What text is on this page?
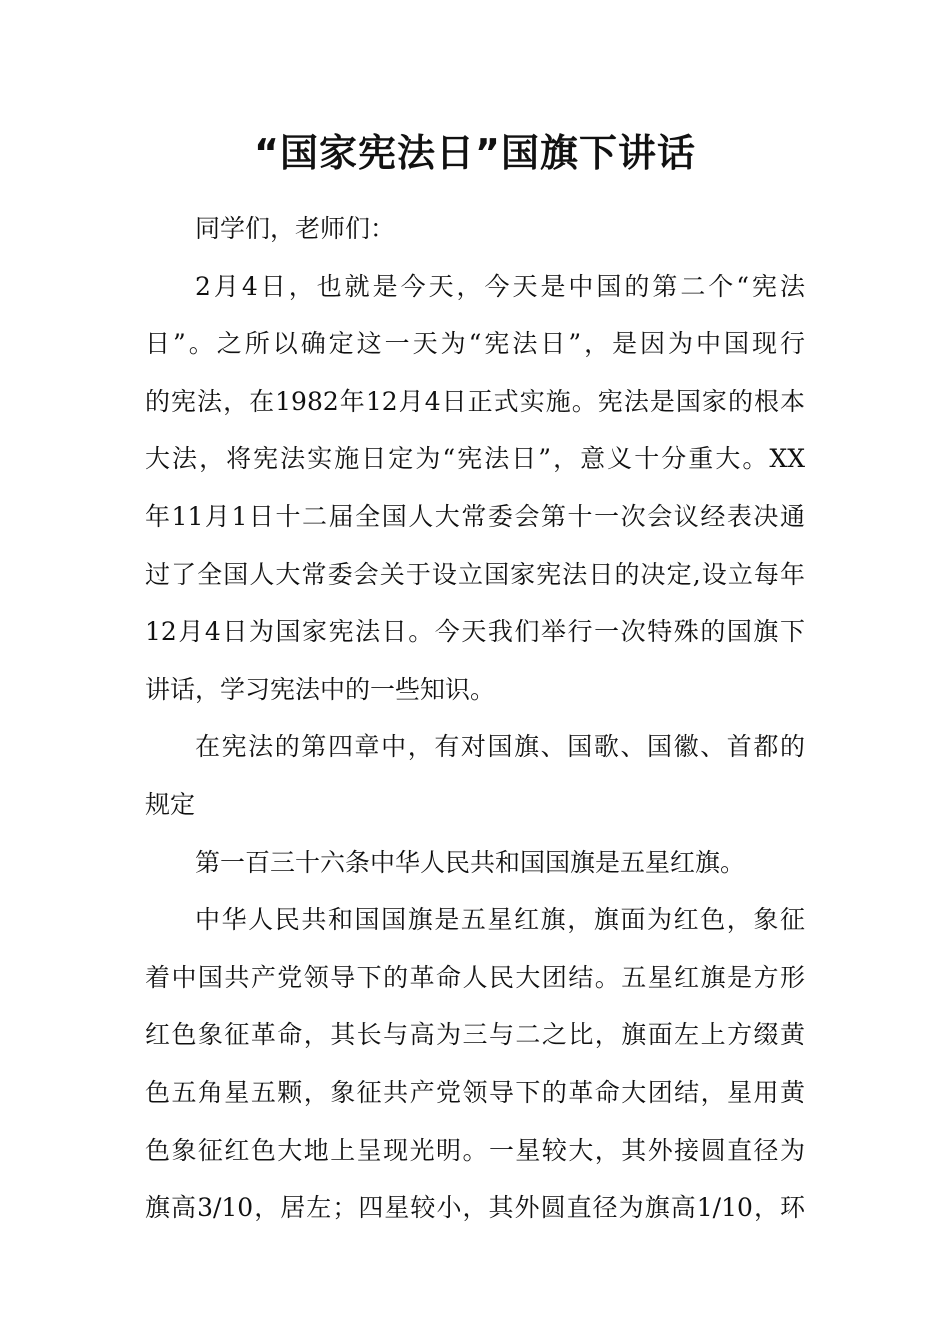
“国家宪法日”国旗下讲话

同学们，老师们：

2月4日，也就是今天，今天是中国的第二个“宪法
日”。之所以确定这一天为“宪法日”，是因为中国现行
的宪法，在1982年12月4日正式实施。宪法是国家的根本
大法，将宪法实施日定为“宪法日”，意义十分重大。XX
年11月1日十二届全国人大常委会第十一次会议经表决通
过了全国人大常委会关于设立国家宪法日的决定,设立每年
12月4日为国家宪法日。今天我们举行一次特殊的国旗下
讲话，学习宪法中的一些知识。

在宪法的第四章中，有对国旗、国歌、国徽、首都的
规定

第一百三十六条中华人民共和国国旗是五星红旗。

中华人民共和国国旗是五星红旗，旗面为红色，象征
着中国共产党领导下的革命人民大团结。五星红旗是方形
红色象征革命，其长与高为三与二之比，旗面左上方缀黄
色五角星五颗，象征共产党领导下的革命大团结，星用黄
色象征红色大地上呈现光明。一星较大，其外接圆直径为
旗高3/10，居左；四星较小，其外圆直径为旗高1/10，环
